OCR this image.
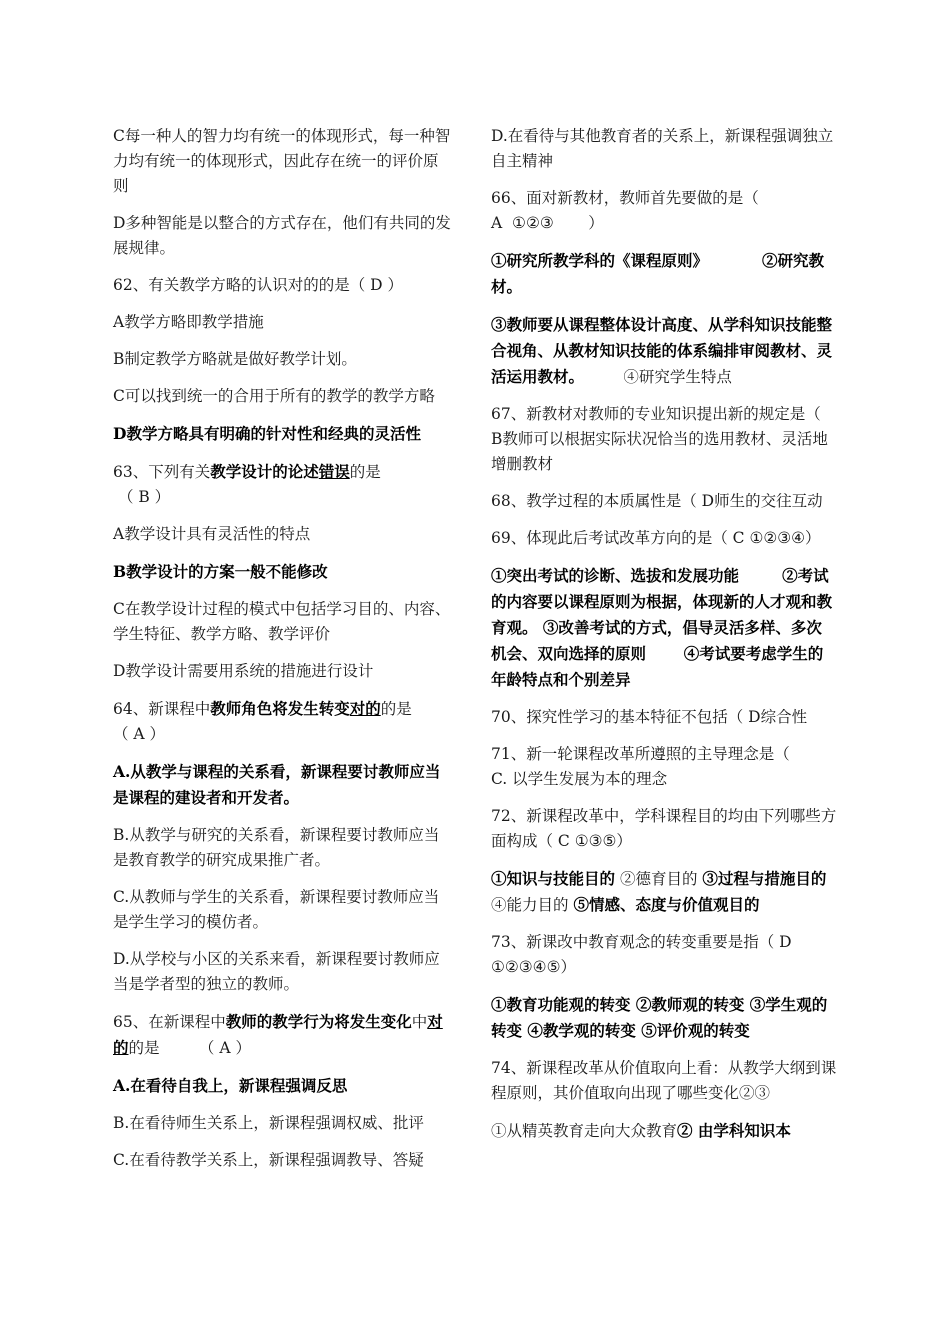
C每一种人的智力均有统一的体现形式，每一种智力均有统一的体现形式，因此存在统一的评价原则

D多种智能是以整合的方式存在，他们有共同的发展规律。

62、有关教学方略的认识对的的是（ D ）

A教学方略即教学措施

B制定教学方略就是做好教学计划。

C可以找到统一的合用于所有的教学的教学方略

D教学方略具有明确的针对性和经典的灵活性

63、下列有关教学设计的论述错误的是
（ B ）

A教学设计具有灵活性的特点

B教学设计的方案一般不能修改

C在教学设计过程的模式中包括学习目的、内容、学生特征、教学方略、教学评价

D教学设计需要用系统的措施进行设计

64、新课程中教师角色将发生转变对的的是
（ A ）

A.从教学与课程的关系看，新课程要讨教师应当是课程的建设者和开发者。

B.从教学与研究的关系看，新课程要讨教师应当是教育教学的研究成果推广者。

C.从教师与学生的关系看，新课程要讨教师应当是学生学习的模仿者。

D.从学校与小区的关系来看，新课程要讨教师应当是学者型的独立的教师。

65、在新课程中教师的教学行为将发生变化中对的的是        （ A ）

A.在看待自我上，新课程强调反思

B.在看待师生关系上，新课程强调权威、批评

C.在看待教学关系上，新课程强调教导、答疑

D.在看待与其他教育者的关系上，新课程强调独立自主精神

66、面对新教材，教师首先要做的是（
A  ①②③       ）

①研究所教学科的《课程原则》          ②研究教材。

③教师要从课程整体设计高度、从学科知识技能整合视角、从教材知识技能的体系编排审阅教材、灵活运用教材。        ④研究学生特点

67、新教材对教师的专业知识提出新的规定是（ B教师可以根据实际状况恰当的选用教材、灵活地增删教材

68、教学过程的本质属性是（ D师生的交往互动

69、体现此后考试改革方向的是（ C ①②③④）

①突出考试的诊断、选拔和发展功能        ②考试的内容要以课程原则为根据，体现新的人才观和教育观。 ③改善考试的方式，倡导灵活多样、多次机会、双向选择的原则       ④考试要考虑学生的年龄特点和个别差异

70、探究性学习的基本特征不包括（ D综合性

71、新一轮课程改革所遵照的主导理念是（
C. 以学生发展为本的理念

72、新课程改革中，学科课程目的均由下列哪些方面构成（ C ①③⑤）

①知识与技能目的 ②德育目的 ③过程与措施目的 ④能力目的 ⑤情感、态度与价值观目的

73、新课改中教育观念的转变重要是指（ D
①②③④⑤）

①教育功能观的转变 ②教师观的转变 ③学生观的转变 ④教学观的转变 ⑤评价观的转变

74、新课程改革从价值取向上看：从教学大纲到课程原则，其价值取向出现了哪些变化②③

①从精英教育走向大众教育② 由学科知识本
